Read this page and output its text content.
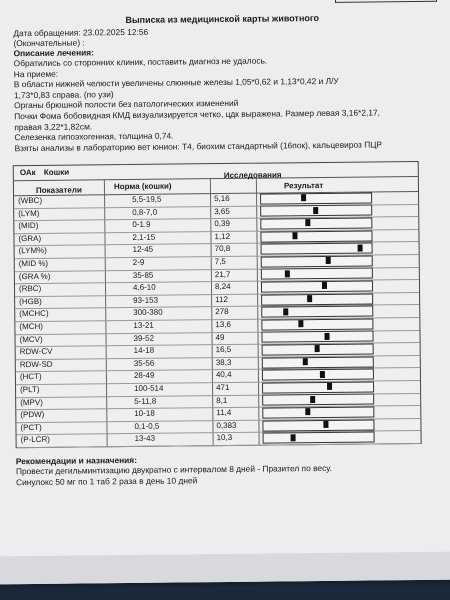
Выписка из медицинской карты животного
Дата обращения: 23.02.2025 12:56
(Окончательные) :
Описание лечения:
Обратились со сторонних клиник, поставить диагноз не удалось.
На приеме:
В области нижней челюсти увеличены слюнные железы 1,05*0,62 и 1,13*0,42 и Л/У
1,73*0,83 справа. (по узи)
Органы брюшной полости без патологических изменений
Почки Фома бобовидная КМД визуализируется четко, цдк выражена. Размер левая 3,16*2,17,
правая 3,22*1,82см.
Селезенка гипоэхогенная, толщина 0,74.
Взяты анализы в лабораторию вет юнион: Т4, биохим стандартный (16пок), кальцевироз ПЦР
ОАк Кошки
Показатели
Исследования
Норма (кошки)	Результат
(WBC)	5,5-19,5	5,16
(LYM)	0,8-7,0	3,65
(MID)	0-1.9	0,39
(GRA)	2,1-15	1,12
(LYM%)	12-45	70,8
(MID %)	2-9	7,5
(GRA %)	35-85	21,7
(RBC)	4,6-10	8,24
(HGB)	93-153	112
(MCHC)	300-380	278
(MCH)	13-21	13,6
(MCV)	39-52	49
RDW-CV	14-18	16,5
RDW-SD	35-56	38,3
(HCT)	28-49	40,4
(PLT)	100-514	471
(MPV)	5-11,8	8,1
(PDW)	10-18	11,4
(PCT)	0,1-0,5	0,383
(P-LCR)	13-43	10,3
Рекомендации и назначения:
Провести дегильминтизацию двукратно с интервалом 8 дней - Празител по весу.
Синулокс 50 мг по 1 таб 2 раза в день 10 дней
